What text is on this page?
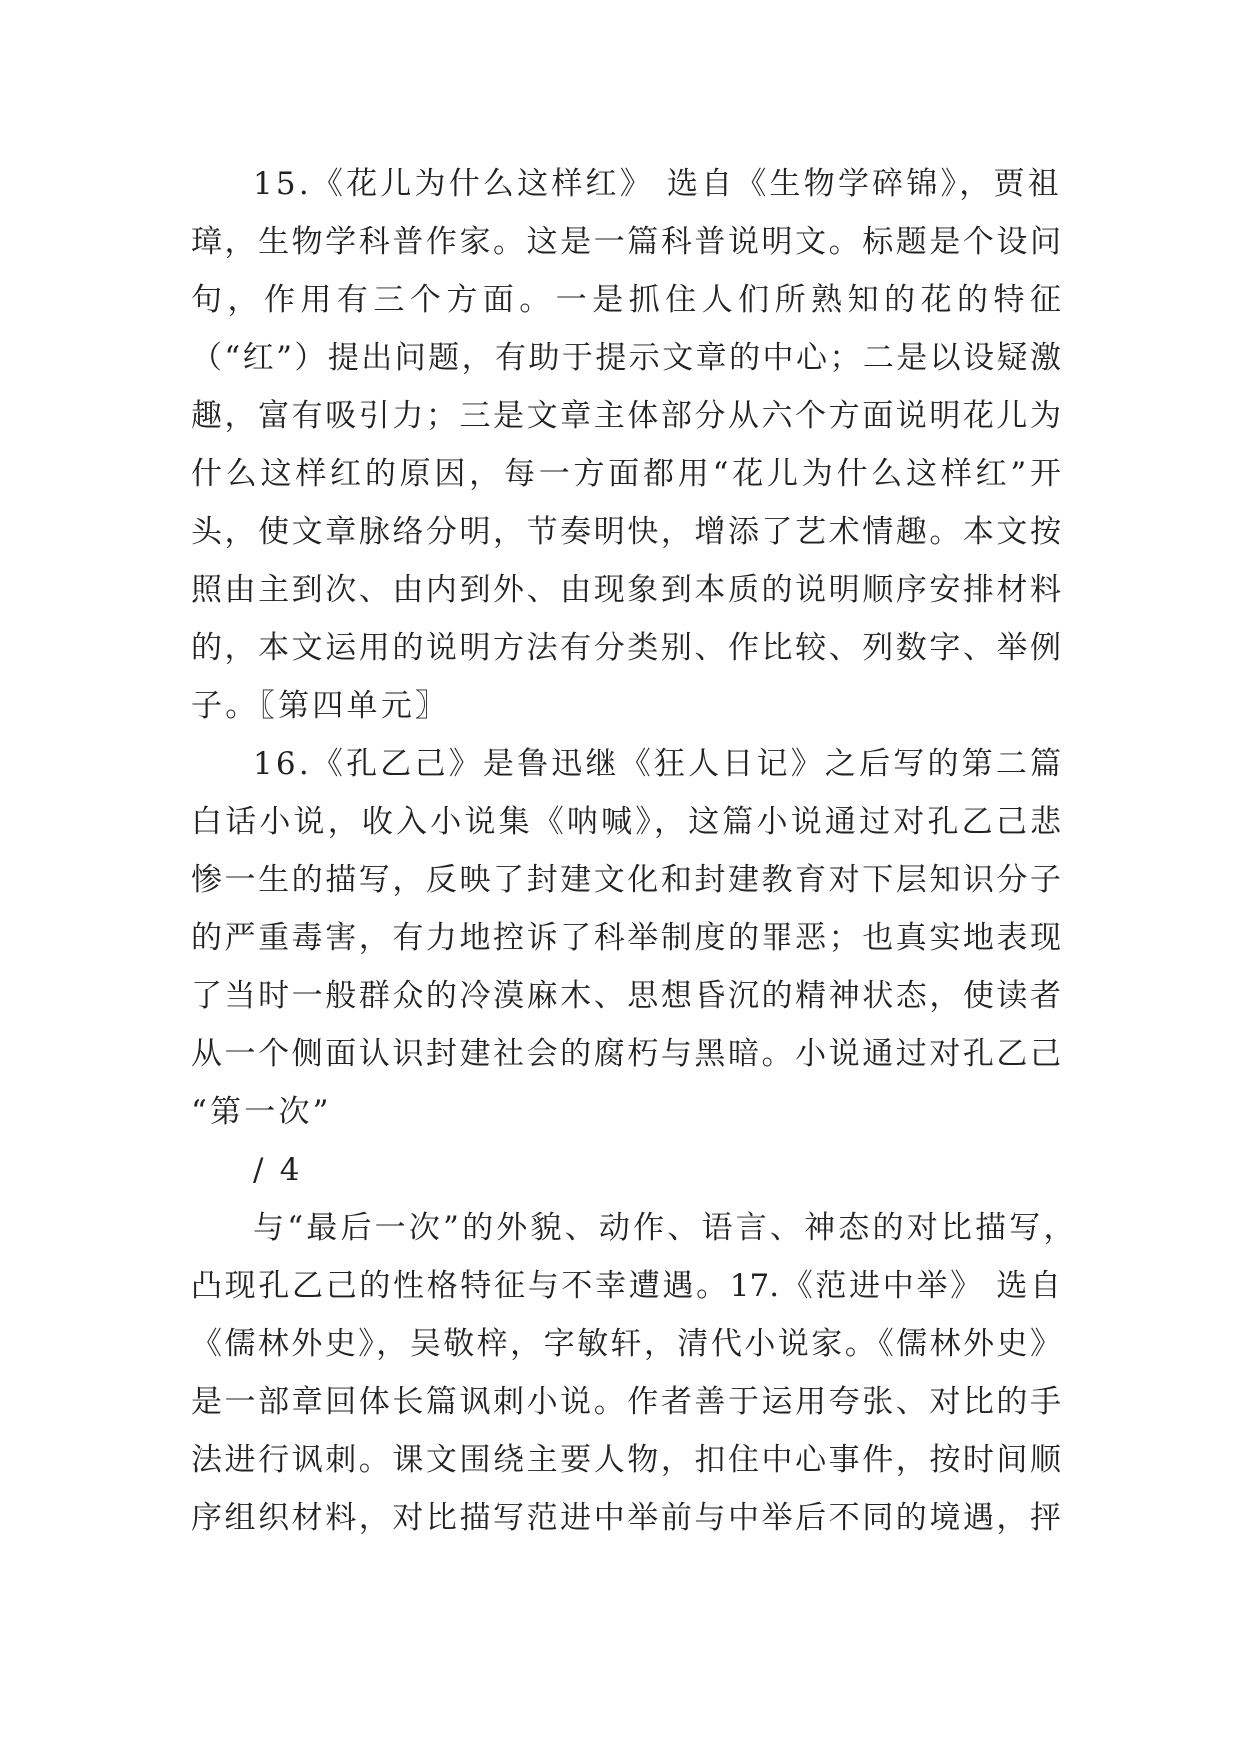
15.《花儿为什么这样红》 选自《生物学碎锦》，贾祖
璋，生物学科普作家。这是一篇科普说明文。标题是个设问
句，作用有三个方面。一是抓住人们所熟知的花的特征
（“红”）提出问题，有助于提示文章的中心；二是以设疑激
趣，富有吸引力；三是文章主体部分从六个方面说明花儿为
什么这样红的原因，每一方面都用“花儿为什么这样红”开
头，使文章脉络分明，节奏明快，增添了艺术情趣。本文按
照由主到次、由内到外、由现象到本质的说明顺序安排材料
的，本文运用的说明方法有分类别、作比较、列数字、举例
子。〖第四单元〗
16.《孔乙己》是鲁迅继《狂人日记》之后写的第二篇
白话小说，收入小说集《呐喊》，这篇小说通过对孔乙己悲
惨一生的描写，反映了封建文化和封建教育对下层知识分子
的严重毒害，有力地控诉了科举制度的罪恶；也真实地表现
了当时一般群众的冷漠麻木、思想昏沉的精神状态，使读者
从一个侧面认识封建社会的腐朽与黑暗。小说通过对孔乙己
“第一次”
/ 4
与“最后一次”的外貌、动作、语言、神态的对比描写，
凸现孔乙己的性格特征与不幸遭遇。17.《范进中举》 选自
《儒林外史》，吴敬梓，字敏轩，清代小说家。《儒林外史》
是一部章回体长篇讽刺小说。作者善于运用夸张、对比的手
法进行讽刺。课文围绕主要人物，扣住中心事件，按时间顺
序组织材料，对比描写范进中举前与中举后不同的境遇，抨
